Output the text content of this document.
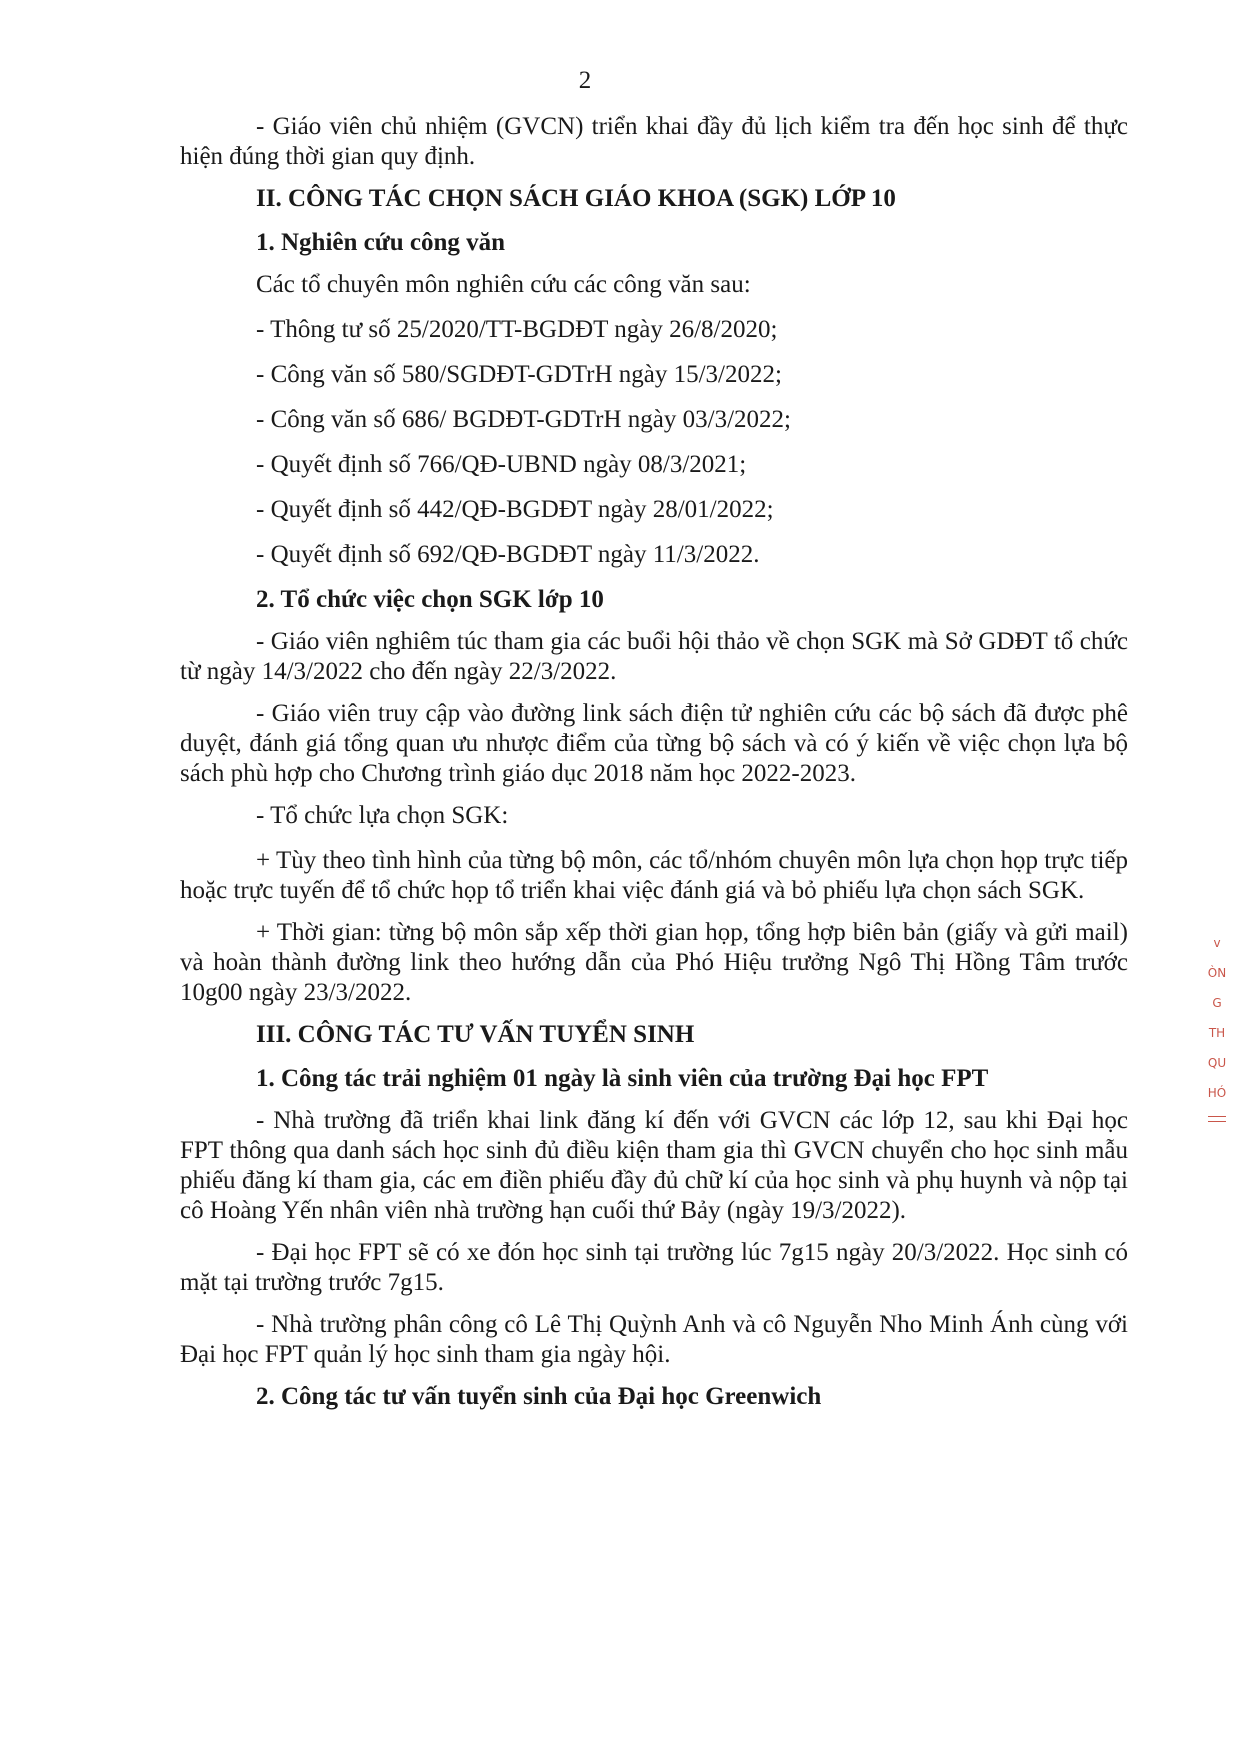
2

- Giáo viên chủ nhiệm (GVCN) triển khai đầy đủ lịch kiểm tra đến học sinh để thực hiện đúng thời gian quy định.

II. CÔNG TÁC CHỌN SÁCH GIÁO KHOA (SGK) LỚP 10

1. Nghiên cứu công văn

Các tổ chuyên môn nghiên cứu các công văn sau:

- Thông tư số 25/2020/TT-BGDĐT ngày 26/8/2020;

- Công văn số 580/SGDĐT-GDTrH ngày 15/3/2022;

- Công văn số 686/ BGDĐT-GDTrH ngày 03/3/2022;

- Quyết định số 766/QĐ-UBND ngày 08/3/2021;

- Quyết định số 442/QĐ-BGDĐT ngày 28/01/2022;

- Quyết định số 692/QĐ-BGDĐT ngày 11/3/2022.

2. Tổ chức việc chọn SGK lớp 10

- Giáo viên nghiêm túc tham gia các buổi hội thảo về chọn SGK mà Sở GDĐT tổ chức từ ngày 14/3/2022 cho đến ngày 22/3/2022.

- Giáo viên truy cập vào đường link sách điện tử nghiên cứu các bộ sách đã được phê duyệt, đánh giá tổng quan ưu nhược điểm của từng bộ sách và có ý kiến về việc chọn lựa bộ sách phù hợp cho Chương trình giáo dục 2018 năm học 2022-2023.

- Tổ chức lựa chọn SGK:

+ Tùy theo tình hình của từng bộ môn, các tổ/nhóm chuyên môn lựa chọn họp trực tiếp hoặc trực tuyến để tổ chức họp tổ triển khai việc đánh giá và bỏ phiếu lựa chọn sách SGK.

+ Thời gian: từng bộ môn sắp xếp thời gian họp, tổng hợp biên bản (giấy và gửi mail) và hoàn thành đường link theo hướng dẫn của Phó Hiệu trưởng Ngô Thị Hồng Tâm trước 10g00 ngày 23/3/2022.

III. CÔNG TÁC TƯ VẤN TUYỂN SINH

1. Công tác trải nghiệm 01 ngày là sinh viên của trường Đại học FPT

- Nhà trường đã triển khai link đăng kí đến với GVCN các lớp 12, sau khi Đại học FPT thông qua danh sách học sinh đủ điều kiện tham gia thì GVCN chuyển cho học sinh mẫu phiếu đăng kí tham gia, các em điền phiếu đầy đủ chữ kí của học sinh và phụ huynh và nộp tại cô Hoàng Yến nhân viên nhà trường hạn cuối thứ Bảy (ngày 19/3/2022).

- Đại học FPT sẽ có xe đón học sinh tại trường lúc 7g15 ngày 20/3/2022. Học sinh có mặt tại trường trước 7g15.

- Nhà trường phân công cô Lê Thị Quỳnh Anh và cô Nguyễn Nho Minh Ánh cùng với Đại học FPT quản lý học sinh tham gia ngày hội.

2. Công tác tư vấn tuyển sinh của Đại học Greenwich

v
ÒN
G
TH
QU
HÓ
